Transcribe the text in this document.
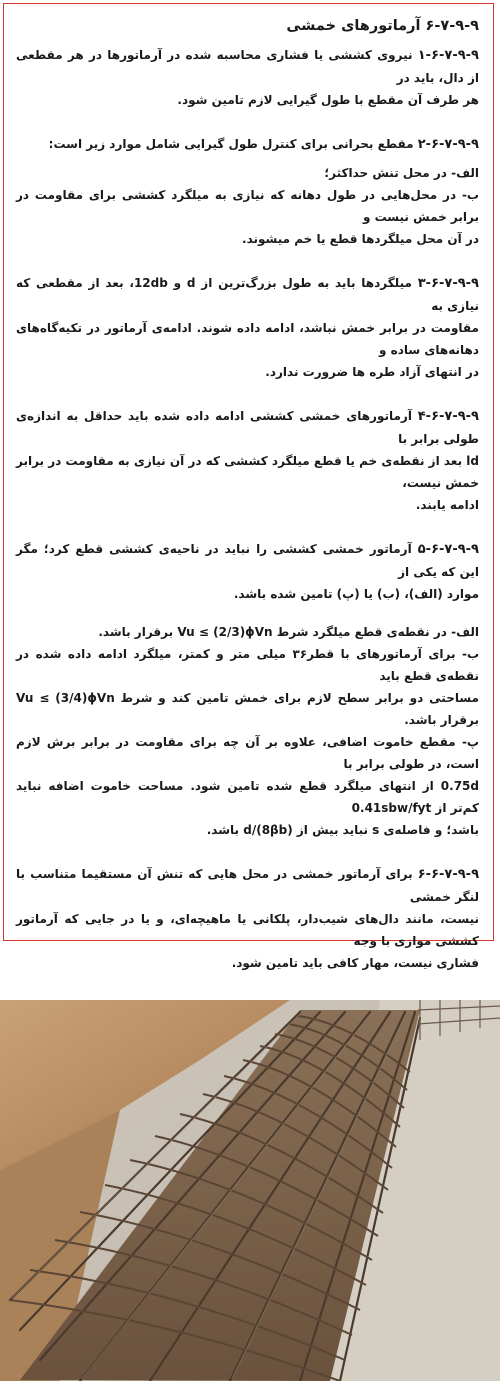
۶-۷-۹-۹ آرماتورهای خمشی

۱-۶-۷-۹-۹ نیروی کششی یا فشاری محاسبه شده در آرماتورها در هر مقطعی از دال، باید در

هر طرف آن مقطع با طول گیرایی لازم تامین شود.

۲-۶-۷-۹-۹ مقطع بحرانی برای کنترل طول گیرایی شامل موارد زیر است:

الف- در محل تنش حداکثر؛

ب- در محل‌هایی در طول دهانه که نیازی به میلگرد کششی برای مقاومت در برابر خمش نیست و

در آن محل میلگردها قطع یا خم میشوند.

۳-۶-۷-۹-۹ میلگردها باید به طول بزرگ‌ترین از d و 12db، بعد از مقطعی که نیازی به

مقاومت در برابر خمش نباشد، ادامه داده شوند. ادامه‌ی آرماتور در تکیه‌گاه‌های دهانه‌های ساده و

در انتهای آزاد طره ها ضرورت ندارد.

۴-۶-۷-۹-۹ آرماتورهای خمشی کششی ادامه داده شده باید حداقل به اندازه‌ی طولی برابر با

ld بعد از نقطه‌ی خم یا قطع میلگرد کششی که در آن نیازی به مقاومت در برابر خمش نیست،

ادامه یابند.

۵-۶-۷-۹-۹ آرماتور خمشی کششی را نباید در ناحیه‌ی کششی قطع کرد؛ مگر این که یکی از

موارد (الف)، (ب) یا (پ) تامین شده باشد.

الف- در نقطه‌ی قطع میلگرد شرط Vu ≤ (2/3)ϕVn برقرار باشد.

ب- برای آرماتورهای با قطر۳۶ میلی متر و کمتر، میلگرد ادامه داده شده در نقطه‌ی قطع باید

مساحتی دو برابر سطح لازم برای خمش تامین کند و شرط Vu ≤ (3/4)ϕVn برقرار باشد.

پ- مقطع خاموت اضافی، علاوه بر آن چه برای مقاومت در برابر برش لازم است، در طولی برابر با

0.75d از انتهای میلگرد قطع شده تامین شود. مساحت خاموت اضافه نباید کم‌تر از 0.41sbw/fyt

باشد؛ و فاصله‌ی s نباید بیش از d/(8βb) باشد.

۶-۶-۷-۹-۹ برای آرماتور خمشی در محل هایی که تنش آن مستقیما متناسب با لنگر خمشی

نیست، مانند دال‌های شیب‌دار، پلکانی یا ماهیچه‌ای، و یا در جایی که آرماتور کششی موازی با وجه

فشاری نیست، مهار کافی باید تامین شود.
